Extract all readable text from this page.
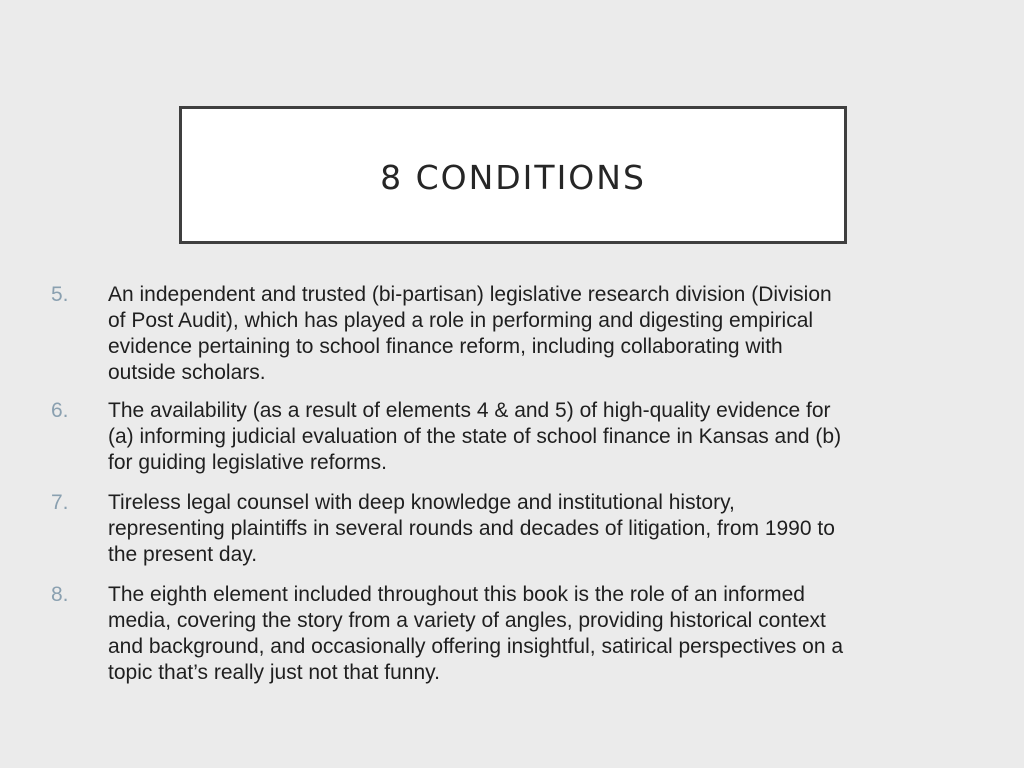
8 CONDITIONS
5. An independent and trusted (bi-partisan) legislative research division (Division
of Post Audit), which has played a role in performing and digesting empirical
evidence pertaining to school finance reform, including collaborating with
outside scholars.
6. The availability (as a result of elements 4 & and 5) of high-quality evidence for
(a) informing judicial evaluation of the state of school finance in Kansas and (b)
for guiding legislative reforms.
7. Tireless legal counsel with deep knowledge and institutional history,
representing plaintiffs in several rounds and decades of litigation, from 1990 to
the present day.
8. The eighth element included throughout this book is the role of an informed
media, covering the story from a variety of angles, providing historical context
and background, and occasionally offering insightful, satirical perspectives on a
topic that’s really just not that funny.
